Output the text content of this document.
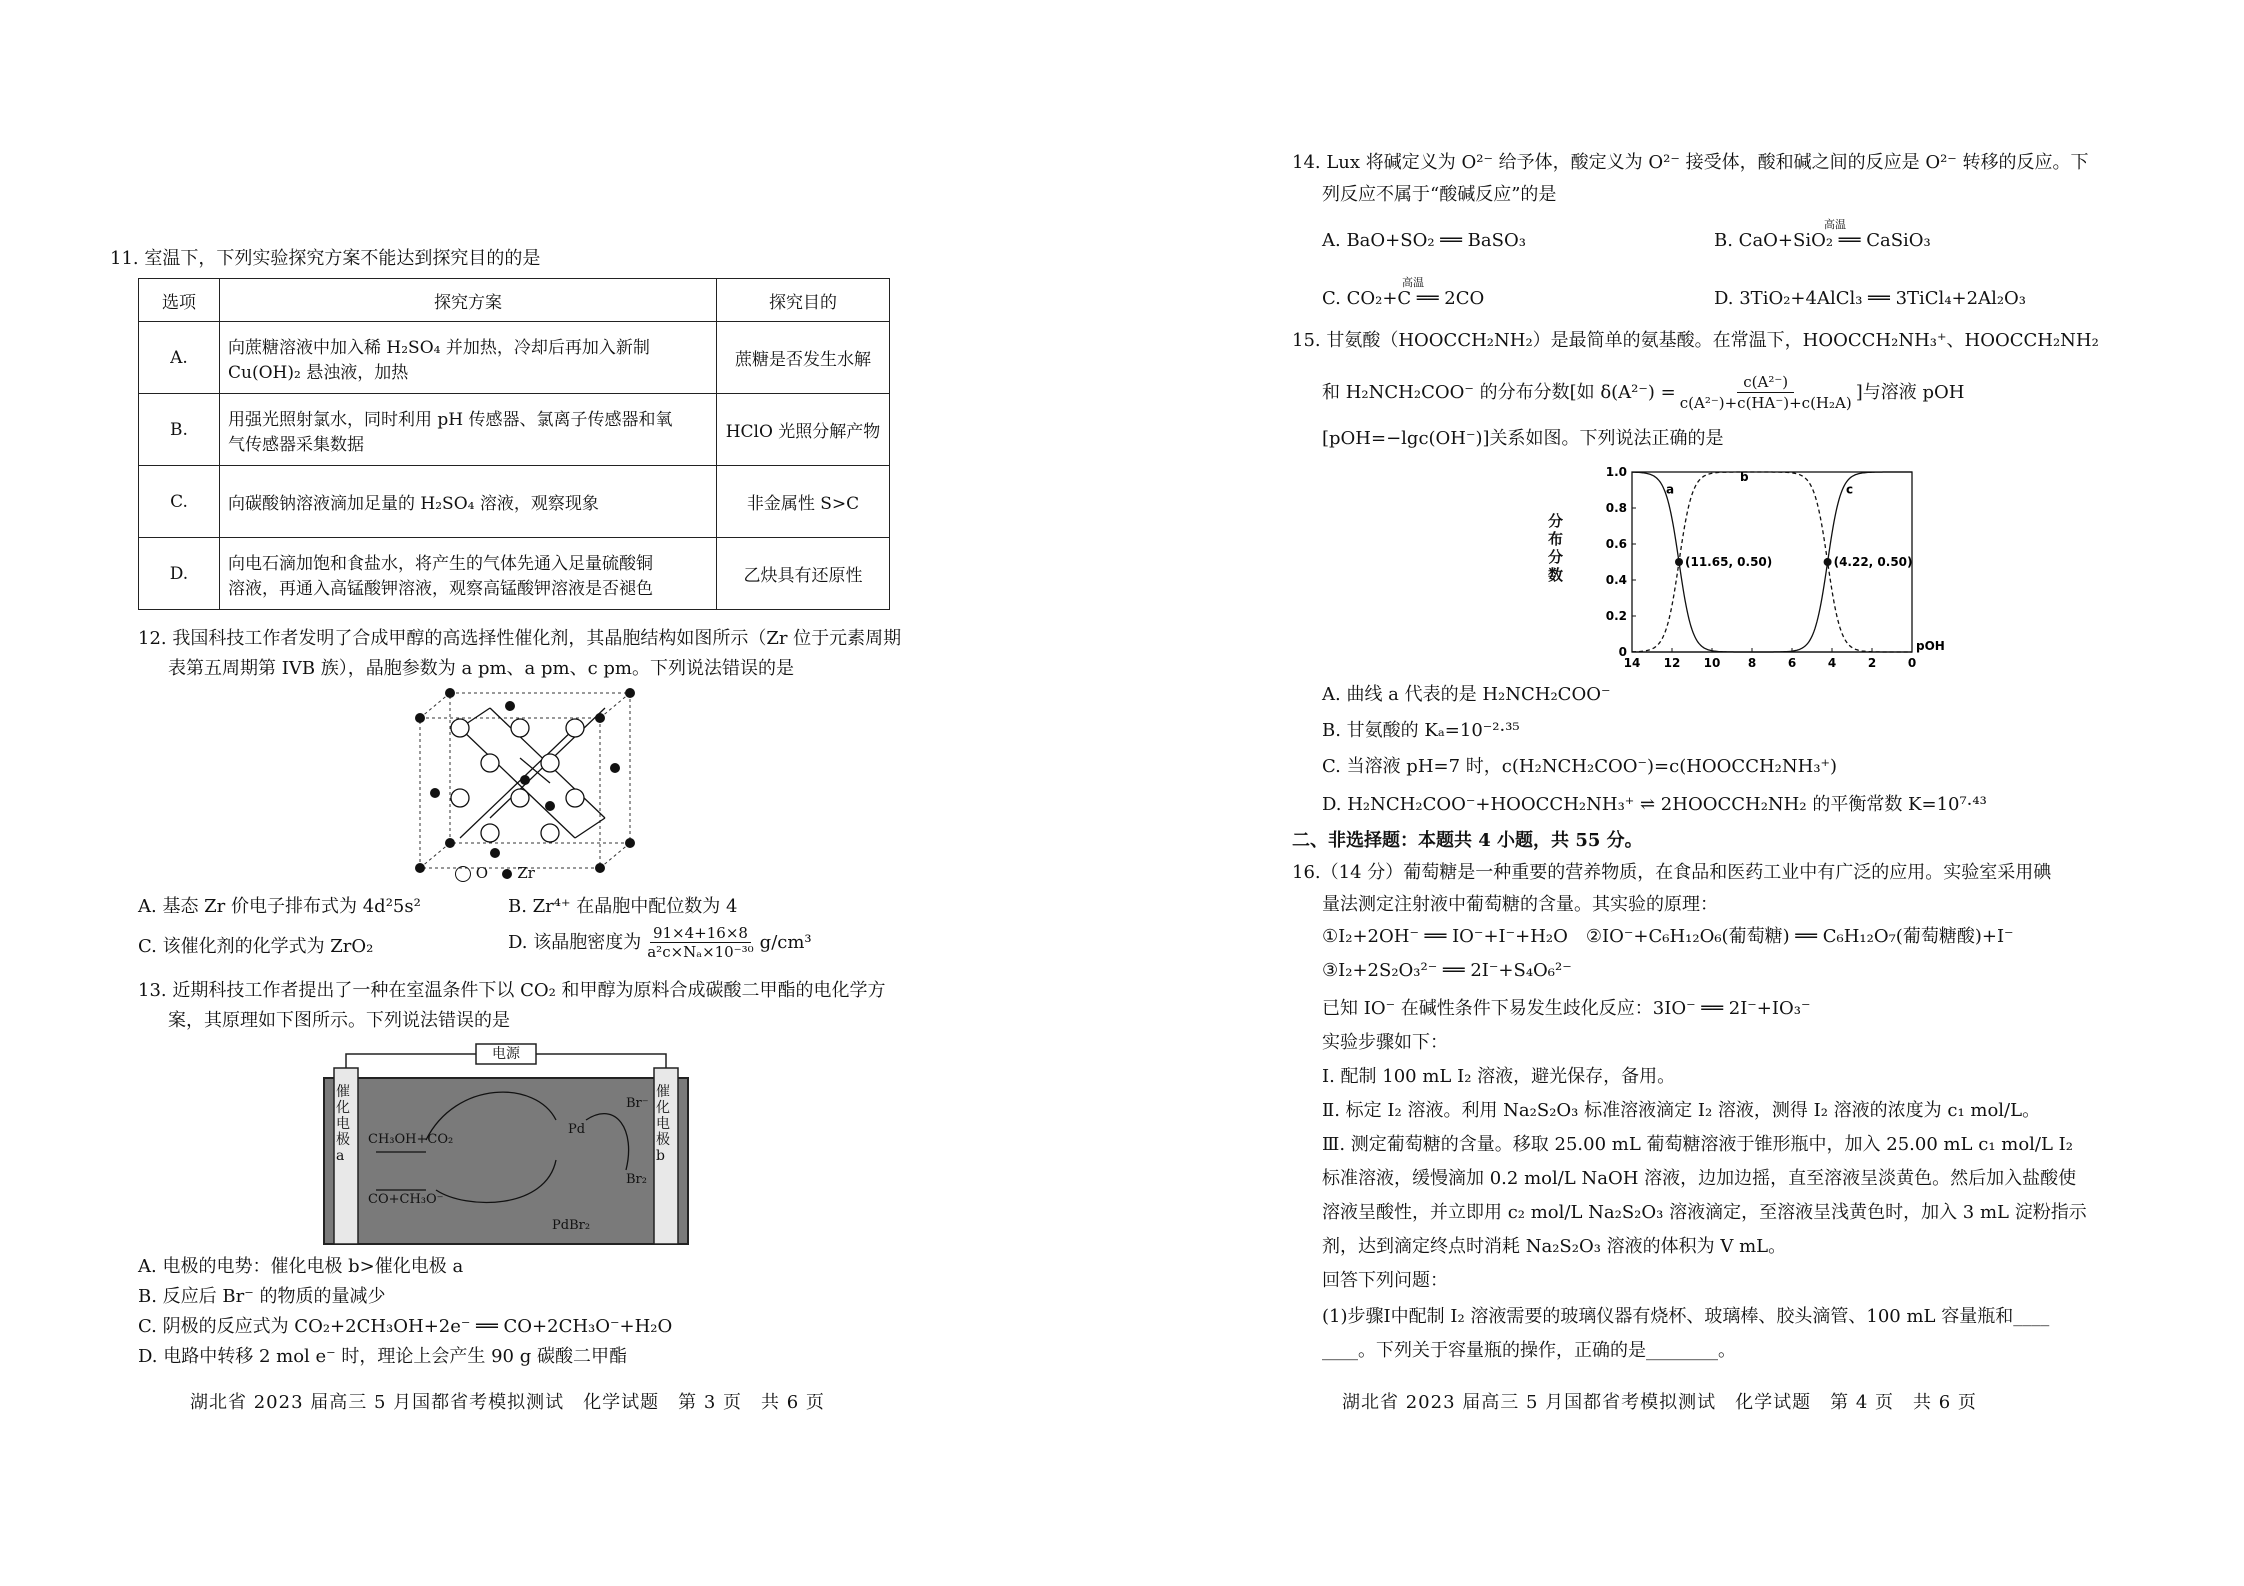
11. 室温下，下列实验探究方案不能达到探究目的的是
选项	探究方案	探究目的
A.	向蔗糖溶液中加入稀 H₂SO₄ 并加热，冷却后再加入新制
Cu(OH)₂ 悬浊液，加热	蔗糖是否发生水解
B.	用强光照射氯水，同时利用 pH 传感器、氯离子传感器和氧
气传感器采集数据	HClO 光照分解产物
C.	向碳酸钠溶液滴加足量的 H₂SO₄ 溶液，观察现象	非金属性 S>C
D.	向电石滴加饱和食盐水，将产生的气体先通入足量硫酸铜
溶液，再通入高锰酸钾溶液，观察高锰酸钾溶液是否褪色	乙炔具有还原性
12. 我国科技工作者发明了合成甲醇的高选择性催化剂，其晶胞结构如图所示（Zr 位于元素周期
表第五周期第 IVB 族），晶胞参数为 a pm、a pm、c pm。下列说法错误的是
O Zr
A. 基态 Zr 价电子排布式为 4d²5s²	B. Zr⁴⁺ 在晶胞中配位数为 4
C. 该催化剂的化学式为 ZrO₂	D. 该晶胞密度为 $\frac{91\times 4+16\times 8}{\text{a²c×Nₐ×10⁻³⁰}} g/cm^3$
13. 近期科技工作者提出了一种在室温条件下以 CO₂ 和甲醇为原料合成碳酸二甲酯的电化学方
案，其原理如下图所示。下列说法错误的是
电源
催化电极a
催化电极b
CH₃OH+CO₂
CO+CH₃O⁻
Pd
Br⁻
Br₂
PdBr₂
A. 电极的电势：催化电极 b>催化电极 a
B. 反应后 Br⁻ 的物质的量减少
C. 阴极的反应式为 CO₂+2CH₃OH+2e⁻ ══ CO+2CH₃O⁻+H₂O
D. 电路中转移 2 mol e⁻ 时，理论上会产生 90 g 碳酸二甲酯
湖北省 2023 届高三 5 月国都省考模拟测试　化学试题　第 3 页　共 6 页
14. Lux 将碱定义为 O²⁻ 给予体，酸定义为 O²⁻ 接受体，酸和碱之间的反应是 O²⁻ 转移的反应。下
列反应不属于“酸碱反应”的是
A. BaO+SO₂ ══ BaSO₃	B. CaO+SiO₂ ══ CaSiO₃
高温
C. CO₂+C ══ 2CO
高温
D. 3TiO₂+4AlCl₃ ══ 3TiCl₄+2Al₂O₃
15. 甘氨酸（HOOCCH₂NH₂）是最简单的氨基酸。在常温下，HOOCCH₂NH₃⁺、HOOCCH₂NH₂
和 H₂NCH₂COO⁻ 的分布分数[如 $\delta(A^{2-}) = \frac{\text{c(A²⁻)}}{\text{c(A²⁻)+c(HA⁻)+c(H₂A)}}$ ]与溶液 pOH
[pOH=−lgc(OH⁻)]关系如图。下列说法正确的是
分布分数
14 12 10 8	6	4	2	0
0
0.2
0.4
0.6
0.8
1.0
pOH
a
b
c
(11.65, 0.50)	(4.22, 0.50)
A. 曲线 a 代表的是 H₂NCH₂COO⁻
B. 甘氨酸的 Kₐ=10⁻²·³⁵
C. 当溶液 pH=7 时，c(H₂NCH₂COO⁻)=c(HOOCCH₂NH₃⁺)
D. H₂NCH₂COO⁻+HOOCCH₂NH₃⁺ ⇌ 2HOOCCH₂NH₂ 的平衡常数 K=10⁷·⁴³
二、非选择题：本题共 4 小题，共 55 分。
16.（14 分）葡萄糖是一种重要的营养物质，在食品和医药工业中有广泛的应用。实验室采用碘
量法测定注射液中葡萄糖的含量。其实验的原理：
①I₂+2OH⁻ ══ IO⁻+I⁻+H₂O　②IO⁻+C₆H₁₂O₆(葡萄糖) ══ C₆H₁₂O₇(葡萄糖酸)+I⁻
③I₂+2S₂O₃²⁻ ══ 2I⁻+S₄O₆²⁻
已知 IO⁻ 在碱性条件下易发生歧化反应：3IO⁻ ══ 2I⁻+IO₃⁻
实验步骤如下：
Ⅰ. 配制 100 mL I₂ 溶液，避光保存，备用。
Ⅱ. 标定 I₂ 溶液。利用 Na₂S₂O₃ 标准溶液滴定 I₂ 溶液，测得 I₂ 溶液的浓度为 c₁ mol/L。
Ⅲ. 测定葡萄糖的含量。移取 25.00 mL 葡萄糖溶液于锥形瓶中，加入 25.00 mL c₁ mol/L I₂
标准溶液，缓慢滴加 0.2 mol/L NaOH 溶液，边加边摇，直至溶液呈淡黄色。然后加入盐酸使
溶液呈酸性，并立即用 c₂ mol/L Na₂S₂O₃ 溶液滴定，至溶液呈浅黄色时，加入 3 mL 淀粉指示
剂，达到滴定终点时消耗 Na₂S₂O₃ 溶液的体积为 V mL。
回答下列问题：
(1)步骤Ⅰ中配制 I₂ 溶液需要的玻璃仪器有烧杯、玻璃棒、胶头滴管、100 mL 容量瓶和____
____。下列关于容量瓶的操作，正确的是________。
湖北省 2023 届高三 5 月国都省考模拟测试　化学试题　第 4 页　共 6 页
